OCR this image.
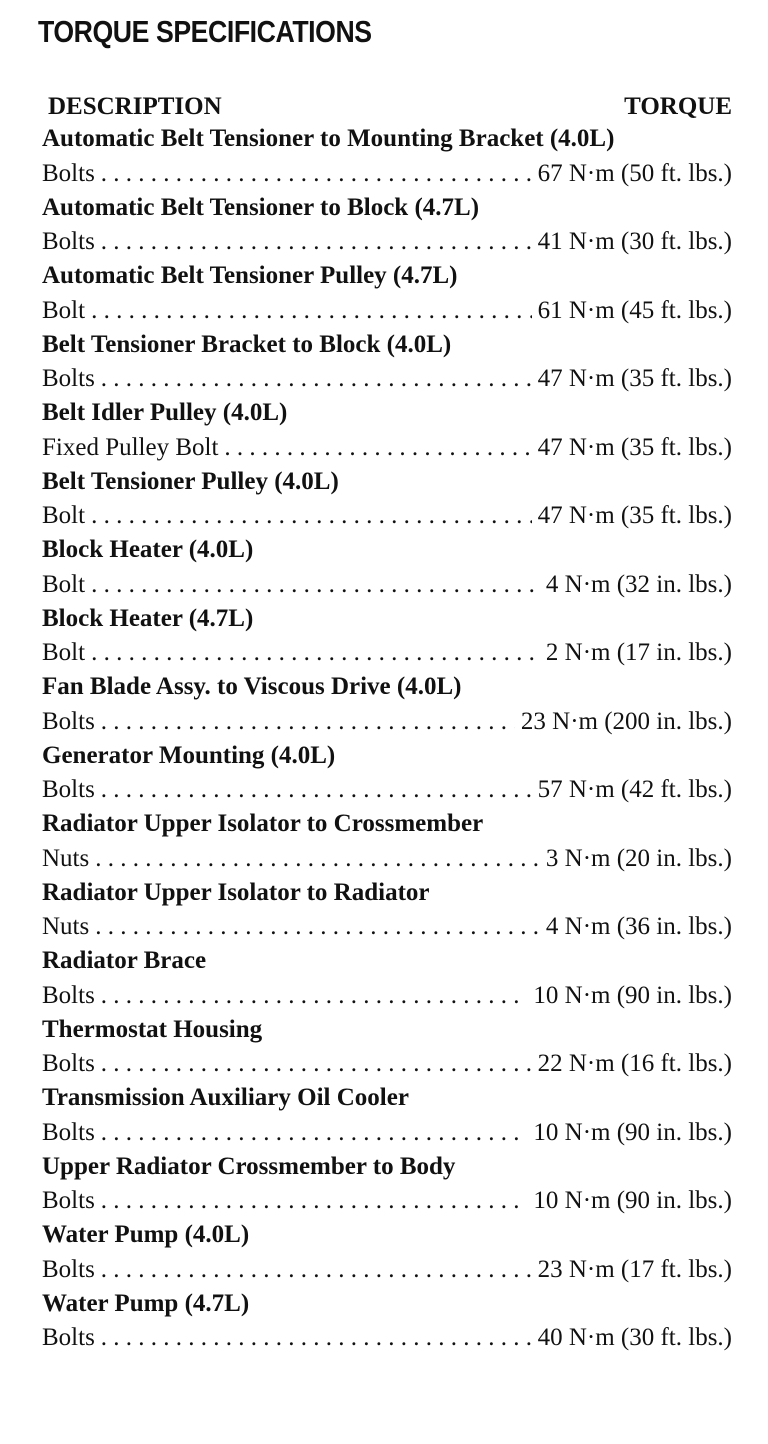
TORQUE SPECIFICATIONS
DESCRIPTION	TORQUE
Automatic Belt Tensioner to Mounting Bracket (4.0L)
Bolts . . .	67 N·m (50 ft. lbs.)
Automatic Belt Tensioner to Block (4.7L)
Bolts . . .	41 N·m (30 ft. lbs.)
Automatic Belt Tensioner Pulley (4.7L)
Bolt . . .	61 N·m (45 ft. lbs.)
Belt Tensioner Bracket to Block (4.0L)
Bolts . . .	47 N·m (35 ft. lbs.)
Belt Idler Pulley (4.0L)
Fixed Pulley Bolt . . .	47 N·m (35 ft. lbs.)
Belt Tensioner Pulley (4.0L)
Bolt . . .	47 N·m (35 ft. lbs.)
Block Heater (4.0L)
Bolt . . .	4 N·m (32 in. lbs.)
Block Heater (4.7L)
Bolt . . .	2 N·m (17 in. lbs.)
Fan Blade Assy. to Viscous Drive (4.0L)
Bolts . . .	23 N·m (200 in. lbs.)
Generator Mounting (4.0L)
Bolts . . .	57 N·m (42 ft. lbs.)
Radiator Upper Isolator to Crossmember
Nuts . . .	3 N·m (20 in. lbs.)
Radiator Upper Isolator to Radiator
Nuts . . .	4 N·m (36 in. lbs.)
Radiator Brace
Bolts . . .	10 N·m (90 in. lbs.)
Thermostat Housing
Bolts . . .	22 N·m (16 ft. lbs.)
Transmission Auxiliary Oil Cooler
Bolts . . .	10 N·m (90 in. lbs.)
Upper Radiator Crossmember to Body
Bolts . . .	10 N·m (90 in. lbs.)
Water Pump (4.0L)
Bolts . . .	23 N·m (17 ft. lbs.)
Water Pump (4.7L)
Bolts . . .	40 N·m (30 ft. lbs.)
